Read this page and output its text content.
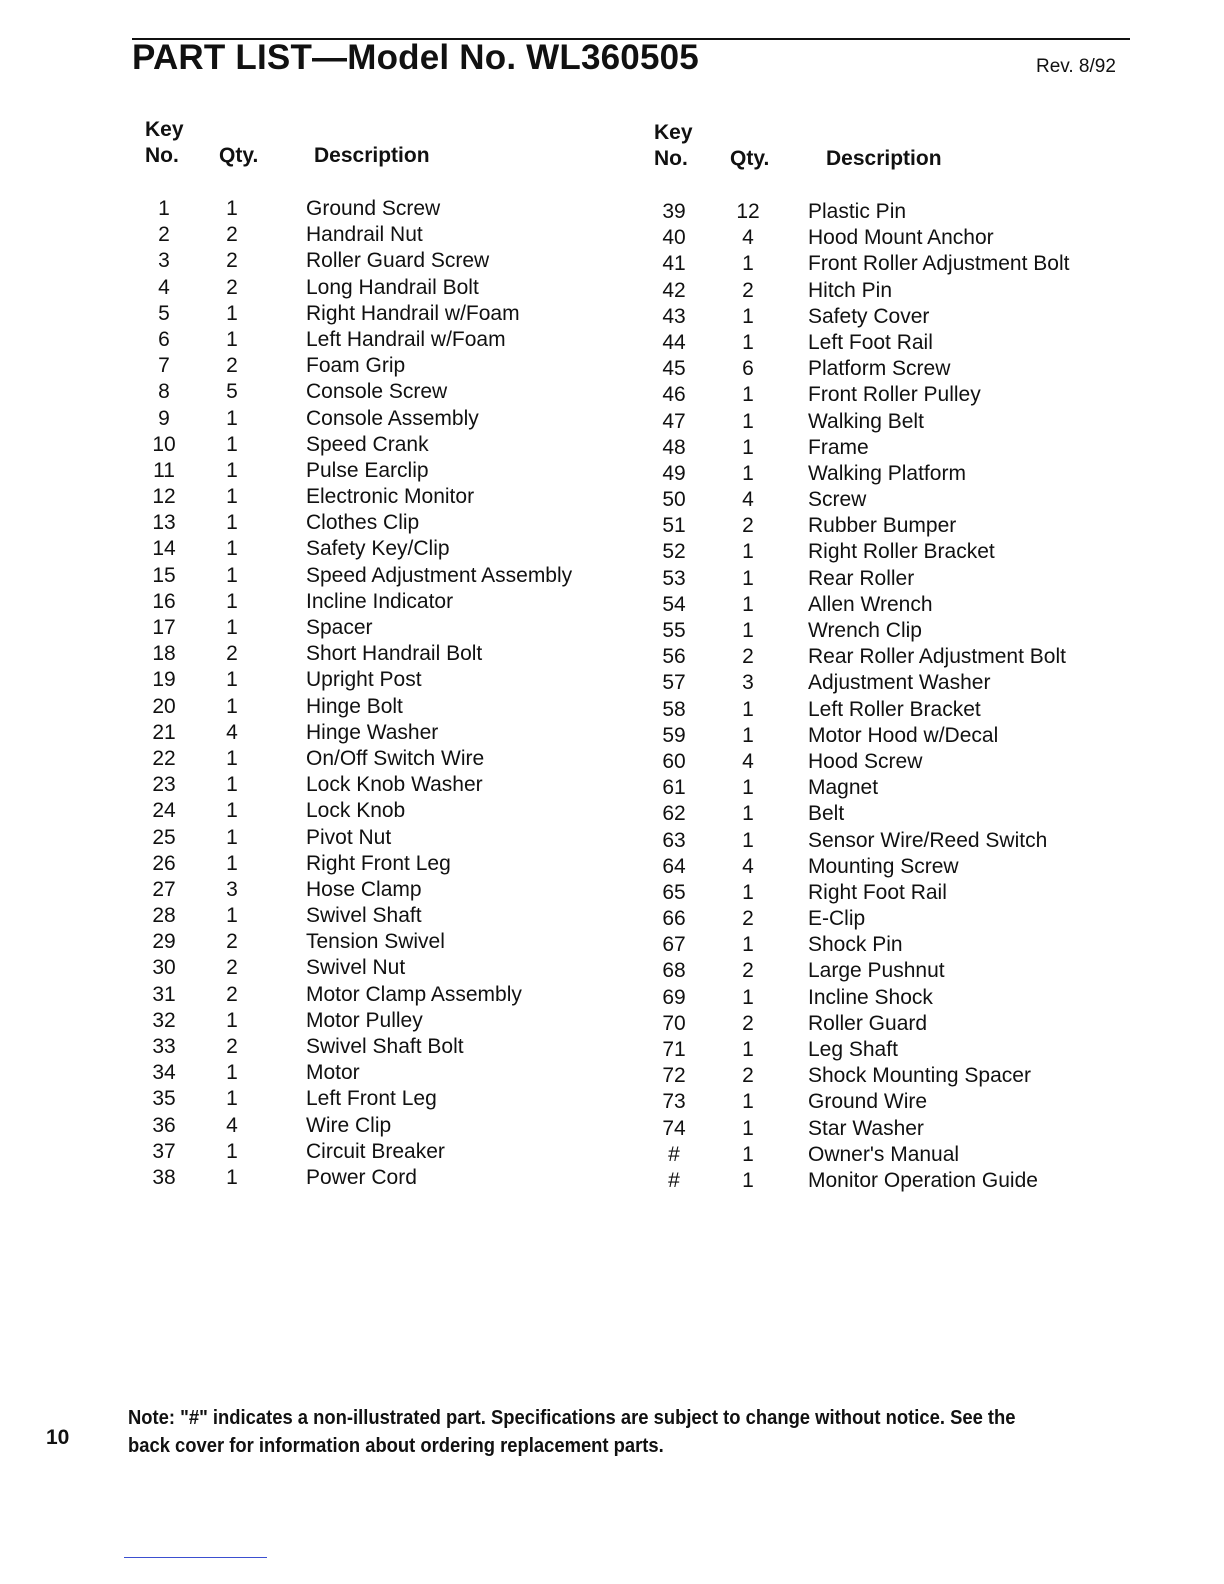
PART LIST—Model No. WL360505	Rev. 8/92
Key
No. Qty.	Description
Key
No. Qty.	Description
1	1	Ground Screw
2	2	Handrail Nut
3	2	Roller Guard Screw
4	2	Long Handrail Bolt
5	1	Right Handrail w/Foam
6	1	Left Handrail w/Foam
7	2	Foam Grip
8	5	Console Screw
9	1	Console Assembly
10	1	Speed Crank
11	1	Pulse Earclip
12	1	Electronic Monitor
13	1	Clothes Clip
14	1	Safety Key/Clip
15	1	Speed Adjustment Assembly
16	1	Incline Indicator
17	1	Spacer
18	2	Short Handrail Bolt
19	1	Upright Post
20	1	Hinge Bolt
21	4	Hinge Washer
22	1	On/Off Switch Wire
23	1	Lock Knob Washer
24	1	Lock Knob
25	1	Pivot Nut
26	1	Right Front Leg
27	3	Hose Clamp
28	1	Swivel Shaft
29	2	Tension Swivel
30	2	Swivel Nut
31	2	Motor Clamp Assembly
32	1	Motor Pulley
33	2	Swivel Shaft Bolt
34	1	Motor
35	1	Left Front Leg
36	4	Wire Clip
37	1	Circuit Breaker
38	1	Power Cord
39	12	Plastic Pin
40	4	Hood Mount Anchor
41	1	Front Roller Adjustment Bolt
42	2	Hitch Pin
43	1	Safety Cover
44	1	Left Foot Rail
45	6	Platform Screw
46	1	Front Roller Pulley
47	1	Walking Belt
48	1	Frame
49	1	Walking Platform
50	4	Screw
51	2	Rubber Bumper
52	1	Right Roller Bracket
53	1	Rear Roller
54	1	Allen Wrench
55	1	Wrench Clip
56	2	Rear Roller Adjustment Bolt
57	3	Adjustment Washer
58	1	Left Roller Bracket
59	1	Motor Hood w/Decal
60	4	Hood Screw
61	1	Magnet
62	1	Belt
63	1	Sensor Wire/Reed Switch
64	4	Mounting Screw
65	1	Right Foot Rail
66	2	E-Clip
67	1	Shock Pin
68	2	Large Pushnut
69	1	Incline Shock
70	2	Roller Guard
71	1	Leg Shaft
72	2	Shock Mounting Spacer
73	1	Ground Wire
74	1	Star Washer
#	1	Owner's Manual
#	1	Monitor Operation Guide
Note: "#" indicates a non-illustrated part. Specifications are subject to change without notice. See the back cover for information about ordering replacement parts.
10
